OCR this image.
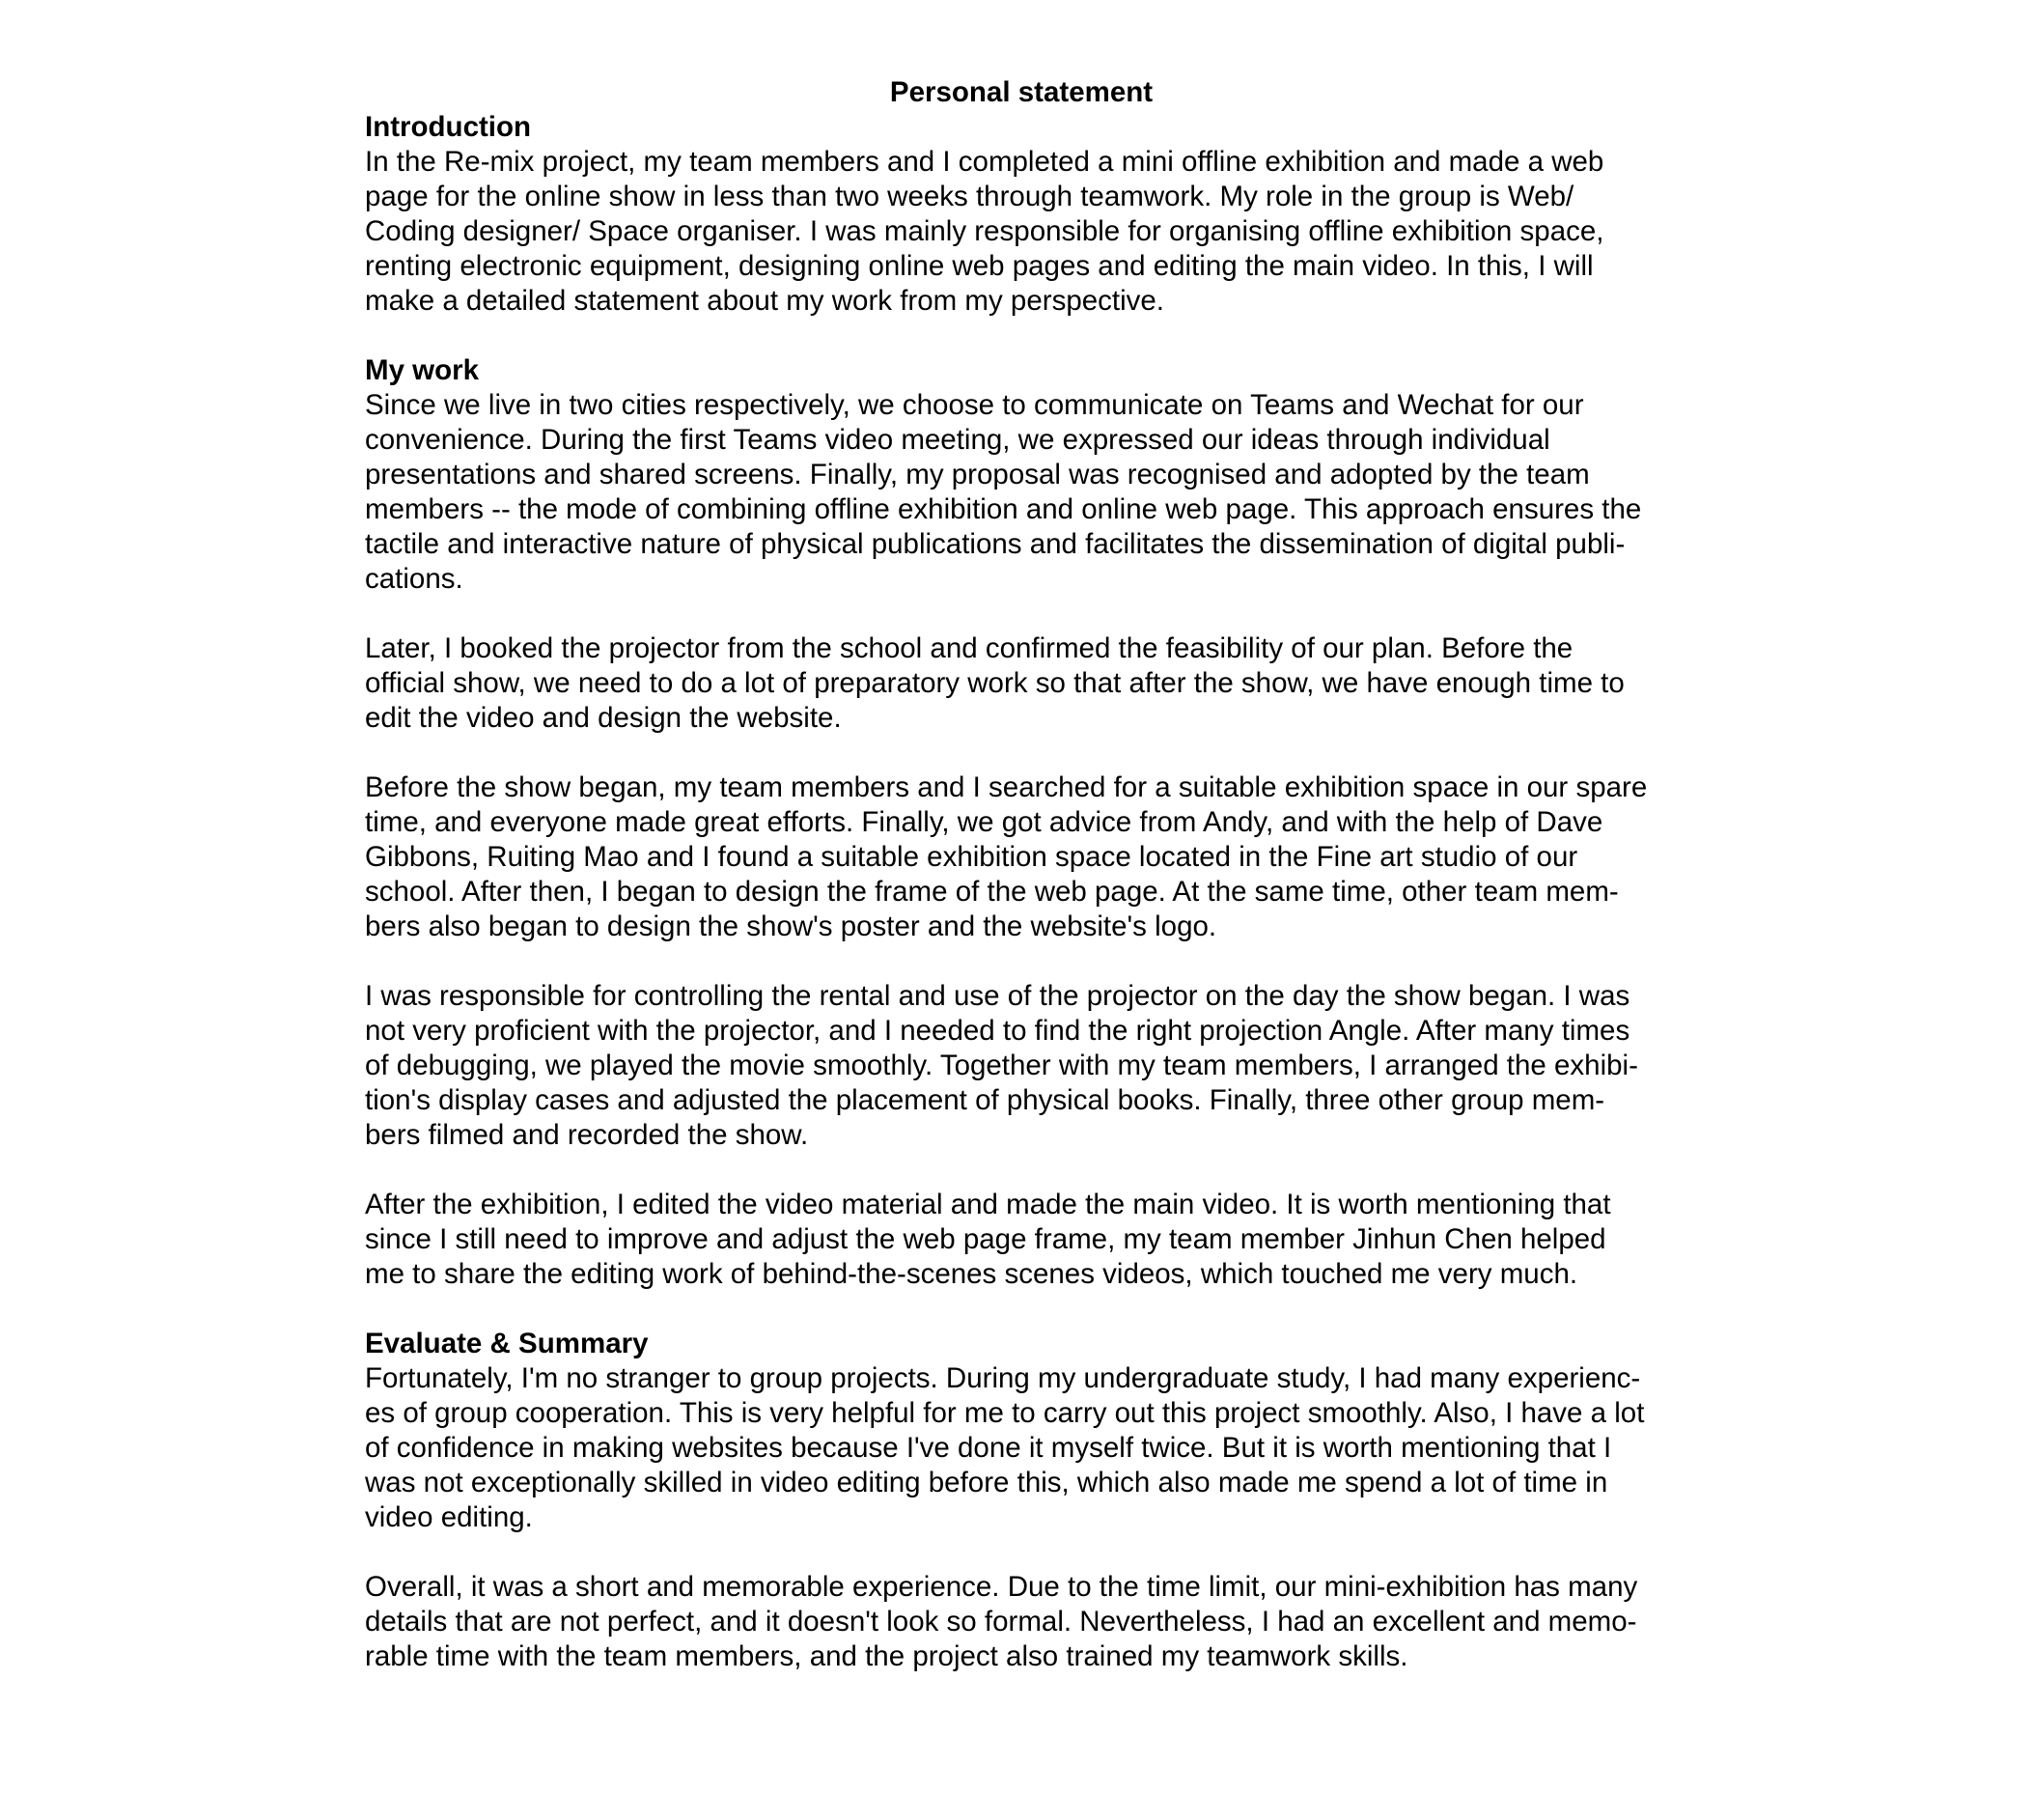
Personal statement
Introduction
In the Re-mix project, my team members and I completed a mini offline exhibition and made a web
page for the online show in less than two weeks through teamwork. My role in the group is Web/
Coding designer/ Space organiser. I was mainly responsible for organising offline exhibition space,
renting electronic equipment, designing online web pages and editing the main video. In this, I will
make a detailed statement about my work from my perspective.
My work
Since we live in two cities respectively, we choose to communicate on Teams and Wechat for our
convenience. During the first Teams video meeting, we expressed our ideas through individual
presentations and shared screens. Finally, my proposal was recognised and adopted by the team
members -- the mode of combining offline exhibition and online web page. This approach ensures the
tactile and interactive nature of physical publications and facilitates the dissemination of digital publi-
cations.
Later, I booked the projector from the school and confirmed the feasibility of our plan. Before the
official show, we need to do a lot of preparatory work so that after the show, we have enough time to
edit the video and design the website.
Before the show began, my team members and I searched for a suitable exhibition space in our spare
time, and everyone made great efforts. Finally, we got advice from Andy, and with the help of Dave
Gibbons, Ruiting Mao and I found a suitable exhibition space located in the Fine art studio of our
school. After then, I began to design the frame of the web page. At the same time, other team mem-
bers also began to design the show's poster and the website's logo.
I was responsible for controlling the rental and use of the projector on the day the show began. I was
not very proficient with the projector, and I needed to find the right projection Angle. After many times
of debugging, we played the movie smoothly. Together with my team members, I arranged the exhibi-
tion's display cases and adjusted the placement of physical books. Finally, three other group mem-
bers filmed and recorded the show.
After the exhibition, I edited the video material and made the main video. It is worth mentioning that
since I still need to improve and adjust the web page frame, my team member Jinhun Chen helped
me to share the editing work of behind-the-scenes scenes videos, which touched me very much.
Evaluate & Summary
Fortunately, I'm no stranger to group projects. During my undergraduate study, I had many experienc-
es of group cooperation. This is very helpful for me to carry out this project smoothly. Also, I have a lot
of confidence in making websites because I've done it myself twice. But it is worth mentioning that I
was not exceptionally skilled in video editing before this, which also made me spend a lot of time in
video editing.
Overall, it was a short and memorable experience. Due to the time limit, our mini-exhibition has many
details that are not perfect, and it doesn't look so formal. Nevertheless, I had an excellent and memo-
rable time with the team members, and the project also trained my teamwork skills.
